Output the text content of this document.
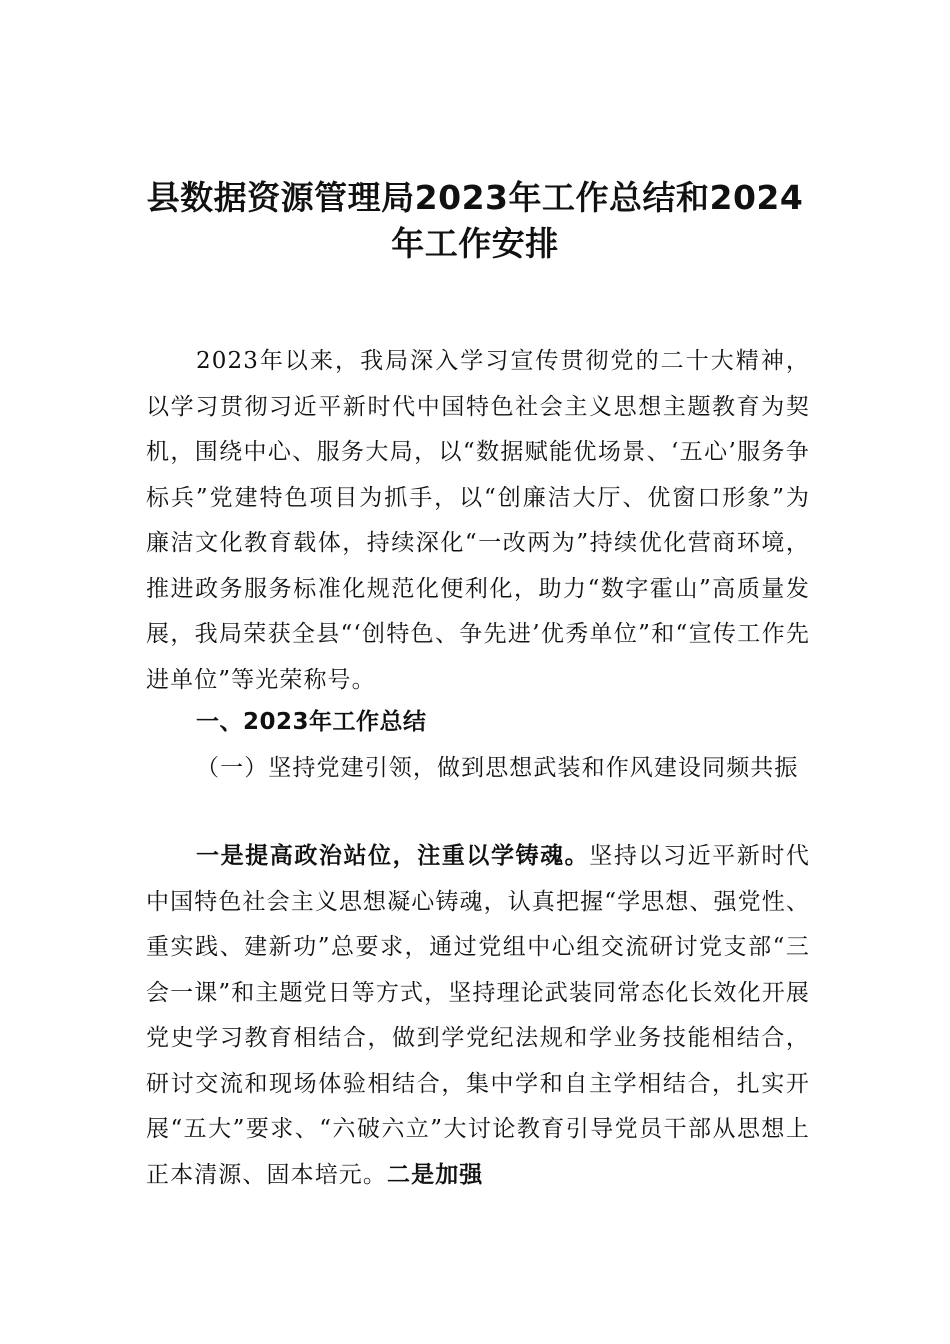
县数据资源管理局2023年工作总结和2024
年工作安排

2023年以来，我局深入学习宣传贯彻党的二十大精神，以学习贯彻习近平新时代中国特色社会主义思想主题教育为契机，围绕中心、服务大局，以“数据赋能优场景、‘五心’服务争标兵”党建特色项目为抓手，以“创廉洁大厅、优窗口形象”为廉洁文化教育载体，持续深化“一改两为”持续优化营商环境，推进政务服务标准化规范化便利化，助力“数字霍山”高质量发展，我局荣获全县“‘创特色、争先进’优秀单位”和“宣传工作先进单位”等光荣称号。

一、2023年工作总结
（一）坚持党建引领，做到思想武装和作风建设同频共振

一是提高政治站位，注重以学铸魂。坚持以习近平新时代中国特色社会主义思想凝心铸魂，认真把握“学思想、强党性、重实践、建新功”总要求，通过党组中心组交流研讨党支部“三会一课”和主题党日等方式，坚持理论武装同常态化长效化开展党史学习教育相结合，做到学党纪法规和学业务技能相结合，研讨交流和现场体验相结合，集中学和自主学相结合，扎实开展“五大”要求、“六破六立”大讨论教育引导党员干部从思想上正本清源、固本培元。二是加强
